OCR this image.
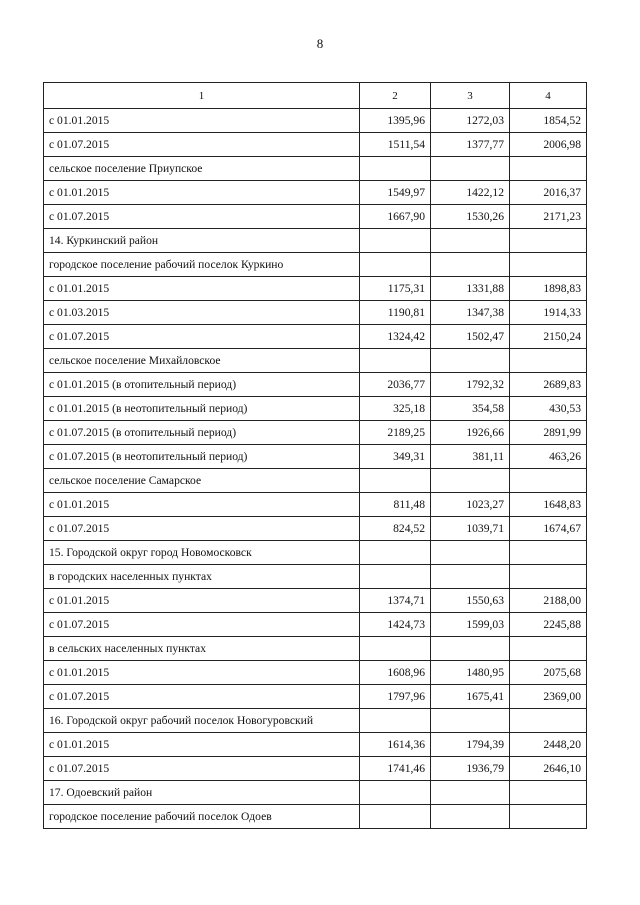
8
1	2	3	4
с 01.01.2015	1395,96	1272,03	1854,52
с 01.07.2015	1511,54	1377,77	2006,98
сельское поселение Приупское			
с 01.01.2015	1549,97	1422,12	2016,37
с 01.07.2015	1667,90	1530,26	2171,23
14. Куркинский район			
городское поселение рабочий поселок Куркино			
с 01.01.2015	1175,31	1331,88	1898,83
с 01.03.2015	1190,81	1347,38	1914,33
с 01.07.2015	1324,42	1502,47	2150,24
сельское поселение Михайловское			
с 01.01.2015 (в отопительный период)	2036,77	1792,32	2689,83
с 01.01.2015 (в неотопительный период)	325,18	354,58	430,53
с 01.07.2015 (в отопительный период)	2189,25	1926,66	2891,99
с 01.07.2015 (в неотопительный период)	349,31	381,11	463,26
сельское поселение Самарское			
с 01.01.2015	811,48	1023,27	1648,83
с 01.07.2015	824,52	1039,71	1674,67
15. Городской округ город Новомосковск			
в городских населенных пунктах			
с 01.01.2015	1374,71	1550,63	2188,00
с 01.07.2015	1424,73	1599,03	2245,88
в сельских населенных пунктах			
с 01.01.2015	1608,96	1480,95	2075,68
с 01.07.2015	1797,96	1675,41	2369,00
16. Городской округ рабочий поселок Новогуровский			
с 01.01.2015	1614,36	1794,39	2448,20
с 01.07.2015	1741,46	1936,79	2646,10
17. Одоевский район			
городское поселение рабочий поселок Одоев			
